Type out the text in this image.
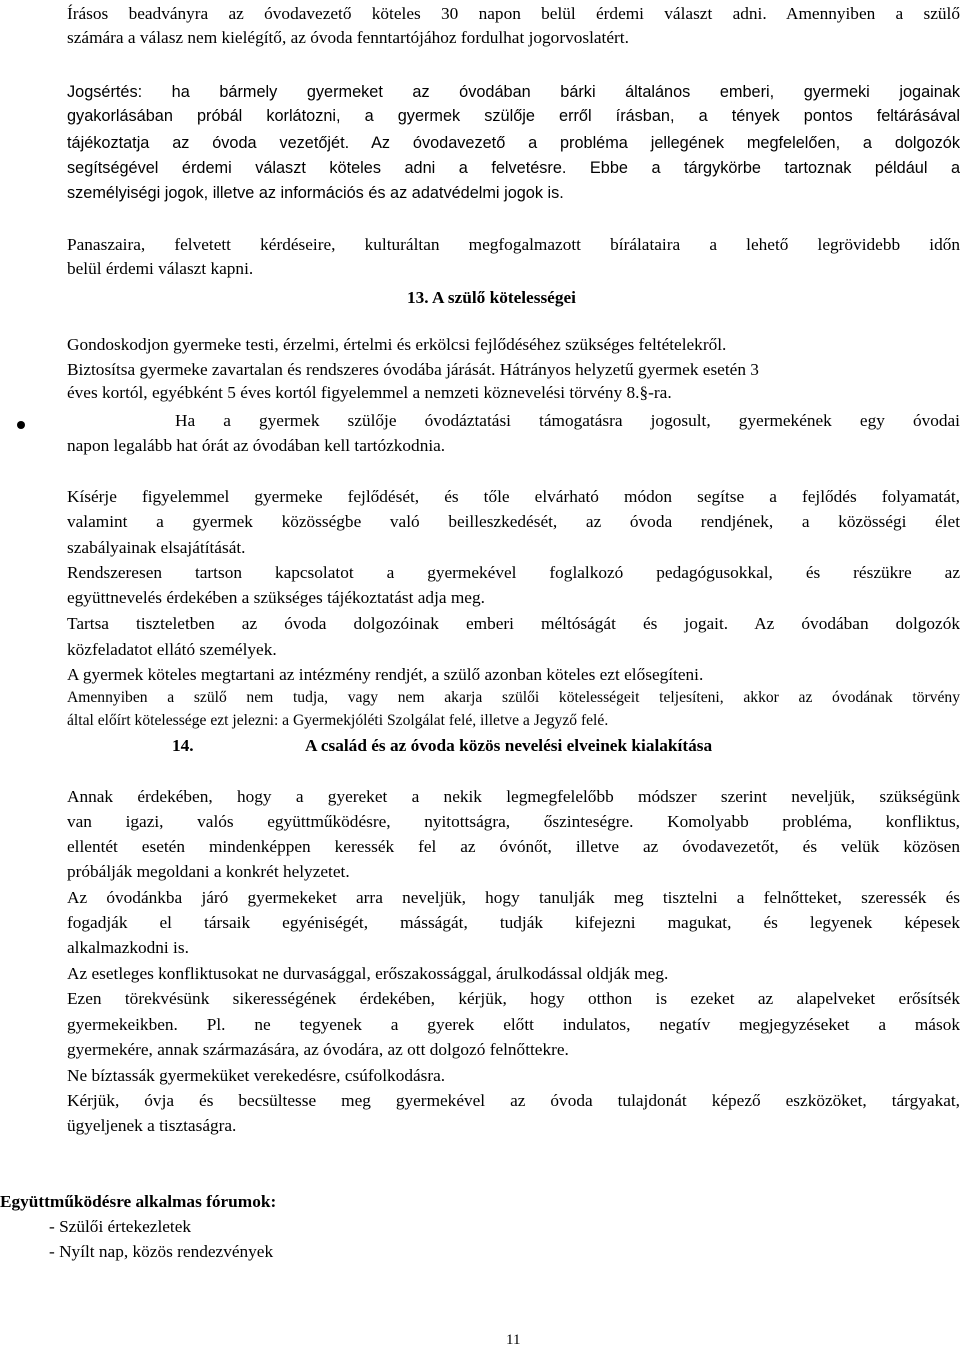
Írásos beadványra az óvodavezető köteles 30 napon belül érdemi választ adni. Amennyiben a szülő
számára a válasz nem kielégítő, az óvoda fenntartójához fordulhat jogorvoslatért.
Jogsértés: ha bármely gyermeket az óvodában bárki általános emberi, gyermeki jogainak
gyakorlásában próbál korlátozni, a gyermek szülője erről írásban, a tények pontos feltárásával
tájékoztatja az óvoda vezetőjét. Az óvodavezető a probléma jellegének megfelelően, a dolgozók
segítségével érdemi választ köteles adni a felvetésre. Ebbe a tárgykörbe tartoznak például a
személyiségi jogok, illetve az információs és az adatvédelmi jogok is.
Panaszaira, felvetett kérdéseire, kulturáltan megfogalmazott bírálataira a lehető legrövidebb időn
belül érdemi választ kapni.
13. A szülő kötelességei
Gondoskodjon gyermeke testi, érzelmi, értelmi és erkölcsi fejlődéséhez szükséges feltételekről.
Biztosítsa gyermeke zavartalan és rendszeres óvodába járását. Hátrányos helyzetű gyermek esetén 3
éves kortól, egyébként 5 éves kortól figyelemmel a nemzeti köznevelési törvény 8.§-ra.
Ha a gyermek szülője óvodáztatási támogatásra jogosult, gyermekének egy óvodai
napon legalább hat órát az óvodában kell tartózkodnia.
Kísérje figyelemmel gyermeke fejlődését, és tőle elvárható módon segítse a fejlődés folyamatát,
valamint a gyermek közösségbe való beilleszkedését, az óvoda rendjének, a közösségi élet
szabályainak elsajátítását.
Rendszeresen tartson kapcsolatot a gyermekével foglalkozó pedagógusokkal, és részükre az
együttnevelés érdekében a szükséges tájékoztatást adja meg.
Tartsa tiszteletben az óvoda dolgozóinak emberi méltóságát és jogait. Az óvodában dolgozók
közfeladatot ellátó személyek.
A gyermek köteles megtartani az intézmény rendjét, a szülő azonban köteles ezt elősegíteni.
Amennyiben a szülő nem tudja, vagy nem akarja szülői kötelességeit teljesíteni, akkor az óvodának törvény
által előírt kötelessége ezt jelezni: a Gyermekjóléti Szolgálat felé, illetve a Jegyző felé.
14.	A család és az óvoda közös nevelési elveinek kialakítása
Annak érdekében, hogy a gyereket a nekik legmegfelelőbb módszer szerint neveljük, szükségünk
van igazi, valós együttműködésre, nyitottságra, őszinteségre. Komolyabb probléma, konfliktus,
ellentét esetén mindenképpen keressék fel az óvónőt, illetve az óvodavezetőt, és velük közösen
próbálják megoldani a konkrét helyzetet.
Az óvodánkba járó gyermekeket arra neveljük, hogy tanulják meg tisztelni a felnőtteket, szeressék és
fogadják el társaik egyéniségét, másságát, tudják kifejezni magukat, és legyenek képesek
alkalmazkodni is.
Az esetleges konfliktusokat ne durvasággal, erőszakossággal, árulkodással oldják meg.
Ezen törekvésünk sikerességének érdekében, kérjük, hogy otthon is ezeket az alapelveket erősítsék
gyermekeikben. Pl. ne tegyenek a gyerek előtt indulatos, negatív megjegyzéseket a mások
gyermekére, annak származására, az óvodára, az ott dolgozó felnőttekre.
Ne bíztassák gyermeküket verekedésre, csúfolkodásra.
Kérjük, óvja és becsültesse meg gyermekével az óvoda tulajdonát képező eszközöket, tárgyakat,
ügyeljenek a tisztaságra.
Együttműködésre alkalmas fórumok:
- Szülői értekezletek
- Nyílt nap, közös rendezvények
11
